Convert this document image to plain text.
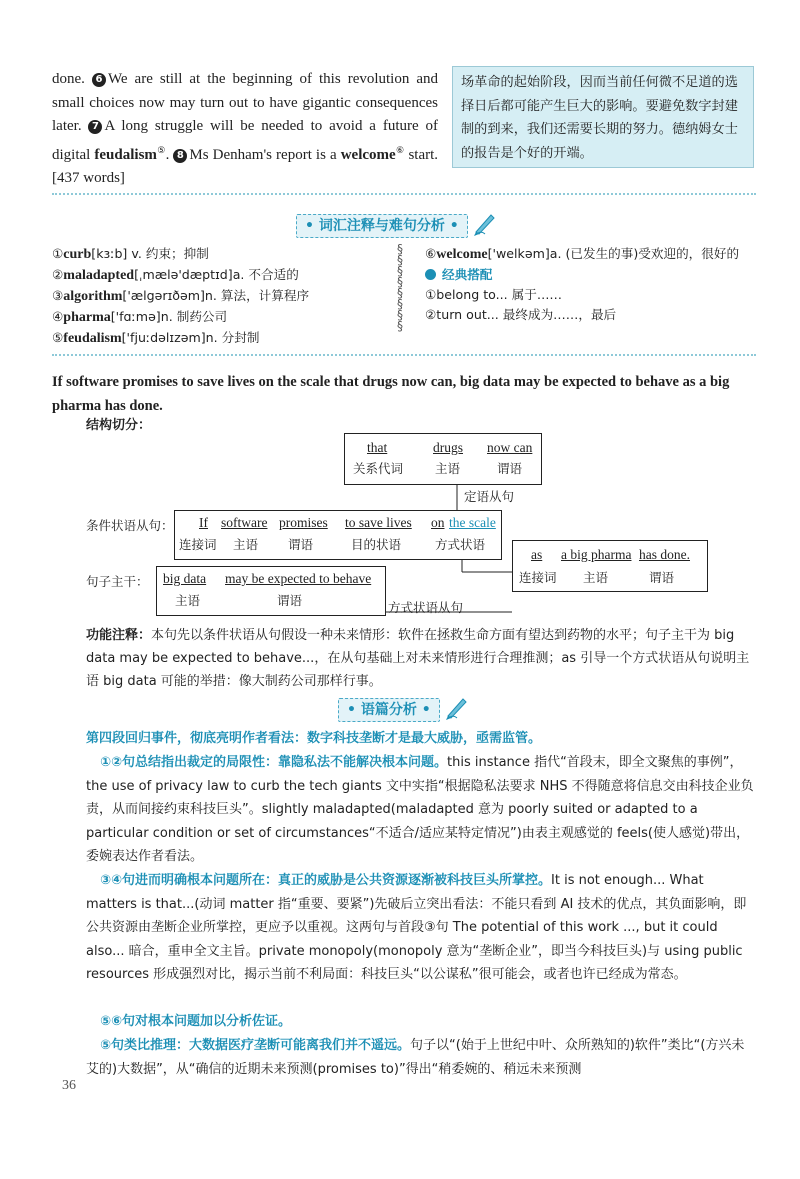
done. 6 We are still at the beginning of this revolution and small choices now may turn out to have gigantic consequences later. 7 A long struggle will be needed to avoid a future of digital feudalism⑤. 8 Ms Denham's report is a welcome⑥ start. [437 words]
场革命的起始阶段，因而当前任何微不足道的选择日后都可能产生巨大的影响。要避免数字封建制的到来，我们还需要长期的努力。德纳姆女士的报告是个好的开端。
• 词汇注释与难句分析 •
①curb[kɜːb] v. 约束；抑制
②maladapted[ˌmælə'dæptɪd]a. 不合适的
③algorithm['ælgərɪðəm]n. 算法，计算程序
④pharma['fɑːmə]n. 制药公司
⑤feudalism['fjuːdəlɪzəm]n. 分封制
§
§
§
§
§
§
§
§
⑥welcome['welkəm]a. (已发生的事)受欢迎的，很好的
经典搭配
①belong to... 属于……
②turn out... 最终成为……，最后
If software promises to save lives on the scale that drugs now can, big data may be expected to behave as a big pharma has done.
结构切分：
that
关系代词
drugs
主语
now can
谓语
定语从句
条件状语从句： If
连接词
software
主语
promises
谓语
to save lives
目的状语
on the scale
方式状语
as
连接词
a big pharma
主语
has done.
谓语
句子主干： big data
主语
may be expected to behave
谓语	方式状语从句
功能注释：本句先以条件状语从句假设一种未来情形：软件在拯救生命方面有望达到药物的水平；句子主干为 big data may be expected to behave...，在从句基础上对未来情形进行合理推测；as 引导一个方式状语从句说明主语 big data 可能的举措：像大制药公司那样行事。
• 语篇分析 •
第四段回归事件，彻底亮明作者看法：数字科技垄断才是最大威胁，亟需监管。
①②句总结指出裁定的局限性：靠隐私法不能解决根本问题。this instance 指代“首段末，即全文聚焦的事例”，the use of privacy law to curb the tech giants 文中实指“根据隐私法要求 NHS 不得随意将信息交由科技企业负责，从而间接约束科技巨头”。slightly maladapted(maladapted 意为 poorly suited or adapted to a particular condition or set of circumstances“不适合/适应某特定情况”)由表主观感觉的 feels(使人感觉)带出，委婉表达作者看法。
③④句进而明确根本问题所在：真正的威胁是公共资源逐渐被科技巨头所掌控。It is not enough... What matters is that...(动词 matter 指“重要、要紧”)先破后立突出看法：不能只看到 AI 技术的优点，其负面影响，即公共资源由垄断企业所掌控，更应予以重视。这两句与首段③句 The potential of this work ..., but it could also... 暗合，重申全文主旨。private monopoly(monopoly 意为“垄断企业”，即当今科技巨头)与 using public resources 形成强烈对比，揭示当前不利局面：科技巨头“以公谋私”很可能会，或者也许已经成为常态。
⑤⑥句对根本问题加以分析佐证。
⑤句类比推理：大数据医疗垄断可能离我们并不遥远。句子以“(始于上世纪中叶、众所熟知的)软件”类比“(方兴未艾的)大数据”，从“确信的近期未来预测(promises to)”得出“稍委婉的、稍远未来预测
36
